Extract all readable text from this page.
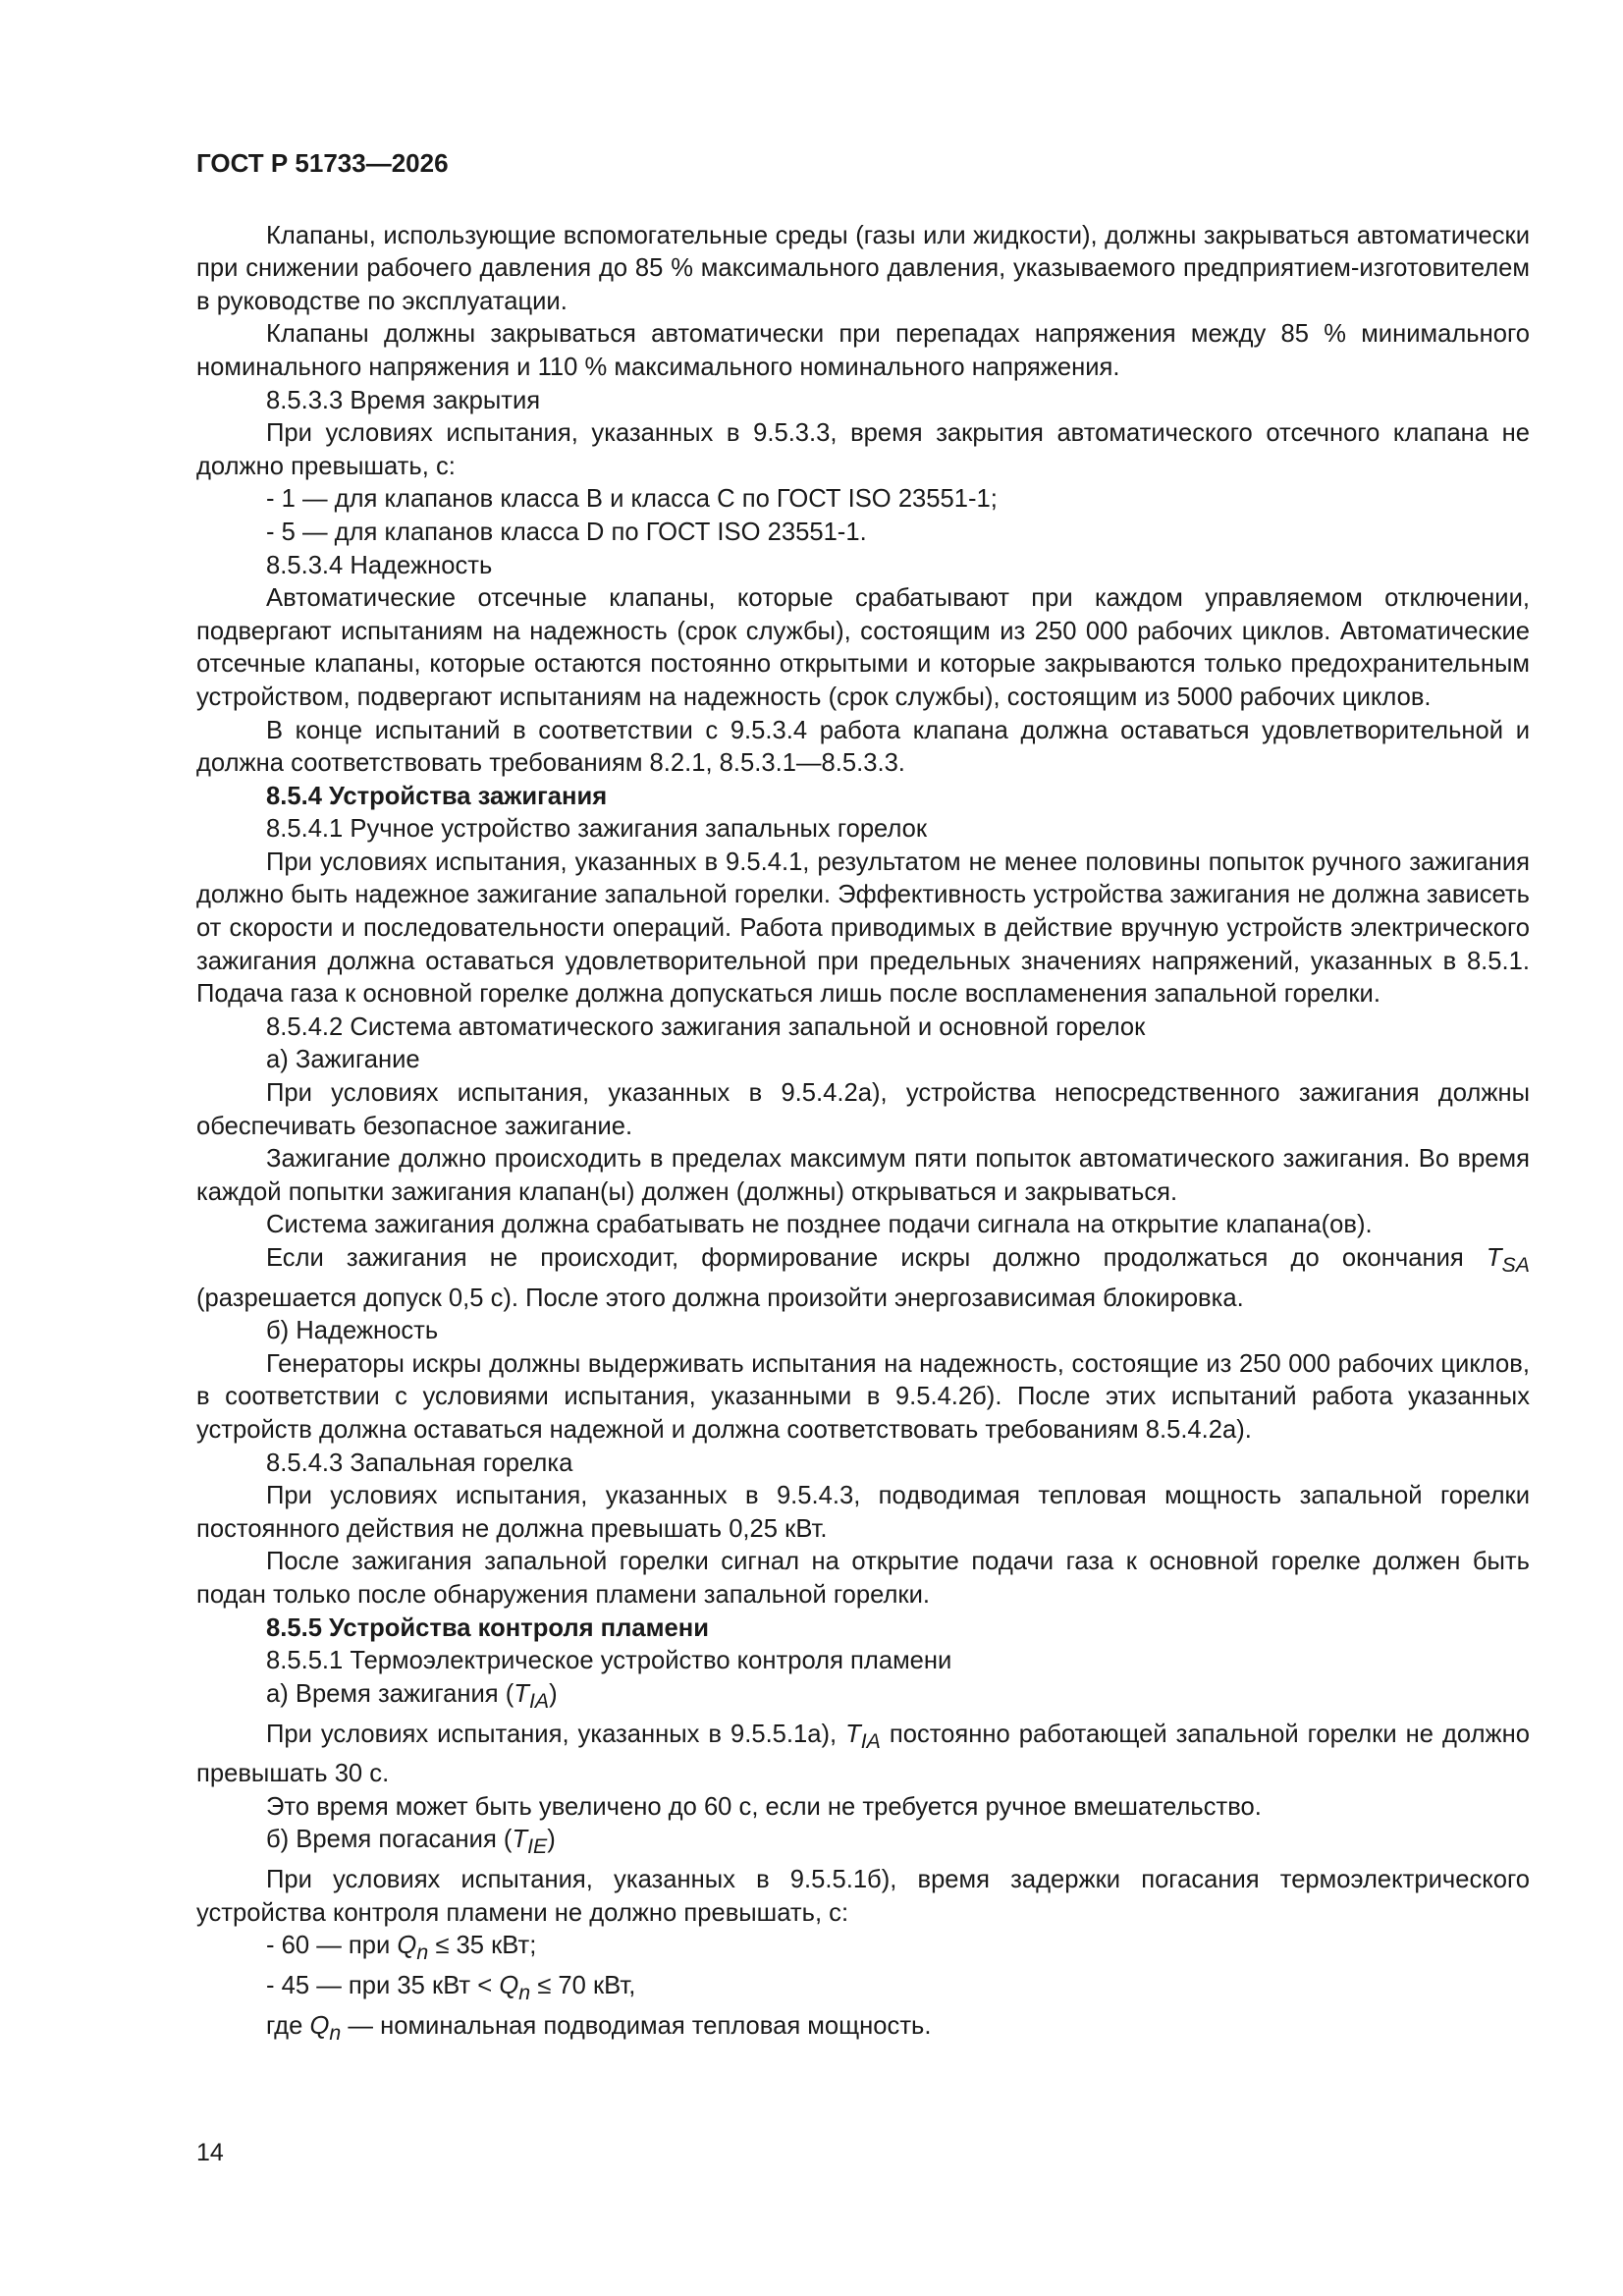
ГОСТ Р 51733—2026

Клапаны, использующие вспомогательные среды (газы или жидкости), должны закрываться автоматически при снижении рабочего давления до 85 % максимального давления, указываемого предприятием-изготовителем в руководстве по эксплуатации.

Клапаны должны закрываться автоматически при перепадах напряжения между 85 % минимального номинального напряжения и 110 % максимального номинального напряжения.

8.5.3.3 Время закрытия

При условиях испытания, указанных в 9.5.3.3, время закрытия автоматического отсечного клапана не должно превышать, с:

- 1 — для клапанов класса B и класса C по ГОСТ ISO 23551-1;

- 5 — для клапанов класса D по ГОСТ ISO 23551-1.

8.5.3.4 Надежность

Автоматические отсечные клапаны, которые срабатывают при каждом управляемом отключении, подвергают испытаниям на надежность (срок службы), состоящим из 250 000 рабочих циклов. Автоматические отсечные клапаны, которые остаются постоянно открытыми и которые закрываются только предохранительным устройством, подвергают испытаниям на надежность (срок службы), состоящим из 5000 рабочих циклов.

В конце испытаний в соответствии с 9.5.3.4 работа клапана должна оставаться удовлетворительной и должна соответствовать требованиям 8.2.1, 8.5.3.1—8.5.3.3.

8.5.4 Устройства зажигания

8.5.4.1 Ручное устройство зажигания запальных горелок

При условиях испытания, указанных в 9.5.4.1, результатом не менее половины попыток ручного зажигания должно быть надежное зажигание запальной горелки. Эффективность устройства зажигания не должна зависеть от скорости и последовательности операций. Работа приводимых в действие вручную устройств электрического зажигания должна оставаться удовлетворительной при предельных значениях напряжений, указанных в 8.5.1. Подача газа к основной горелке должна допускаться лишь после воспламенения запальной горелки.

8.5.4.2 Система автоматического зажигания запальной и основной горелок

а) Зажигание

При условиях испытания, указанных в 9.5.4.2а), устройства непосредственного зажигания должны обеспечивать безопасное зажигание.

Зажигание должно происходить в пределах максимум пяти попыток автоматического зажигания. Во время каждой попытки зажигания клапан(ы) должен (должны) открываться и закрываться.

Система зажигания должна срабатывать не позднее подачи сигнала на открытие клапана(ов).

Если зажигания не происходит, формирование искры должно продолжаться до окончания $T_{SA}$ (разрешается допуск 0,5 с). После этого должна произойти энергозависимая блокировка.

б) Надежность

Генераторы искры должны выдерживать испытания на надежность, состоящие из 250 000 рабочих циклов, в соответствии с условиями испытания, указанными в 9.5.4.2б). После этих испытаний работа указанных устройств должна оставаться надежной и должна соответствовать требованиям 8.5.4.2а).

8.5.4.3 Запальная горелка

При условиях испытания, указанных в 9.5.4.3, подводимая тепловая мощность запальной горелки постоянного действия не должна превышать 0,25 кВт.

После зажигания запальной горелки сигнал на открытие подачи газа к основной горелке должен быть подан только после обнаружения пламени запальной горелки.

8.5.5 Устройства контроля пламени

8.5.5.1 Термоэлектрическое устройство контроля пламени

а) Время зажигания $(T_{IA})$

При условиях испытания, указанных в 9.5.5.1а), $T_{IA}$ постоянно работающей запальной горелки не должно превышать 30 с.

Это время может быть увеличено до 60 с, если не требуется ручное вмешательство.

б) Время погасания $(T_{IE})$

При условиях испытания, указанных в 9.5.5.1б), время задержки погасания термоэлектрического устройства контроля пламени не должно превышать, с:

- 60 — при $Q_n \le 35$ кВт;

- 45 — при 35 кВт < $Q_n \le 70$ кВт,

где $Q_n$ — номинальная подводимая тепловая мощность.

14
